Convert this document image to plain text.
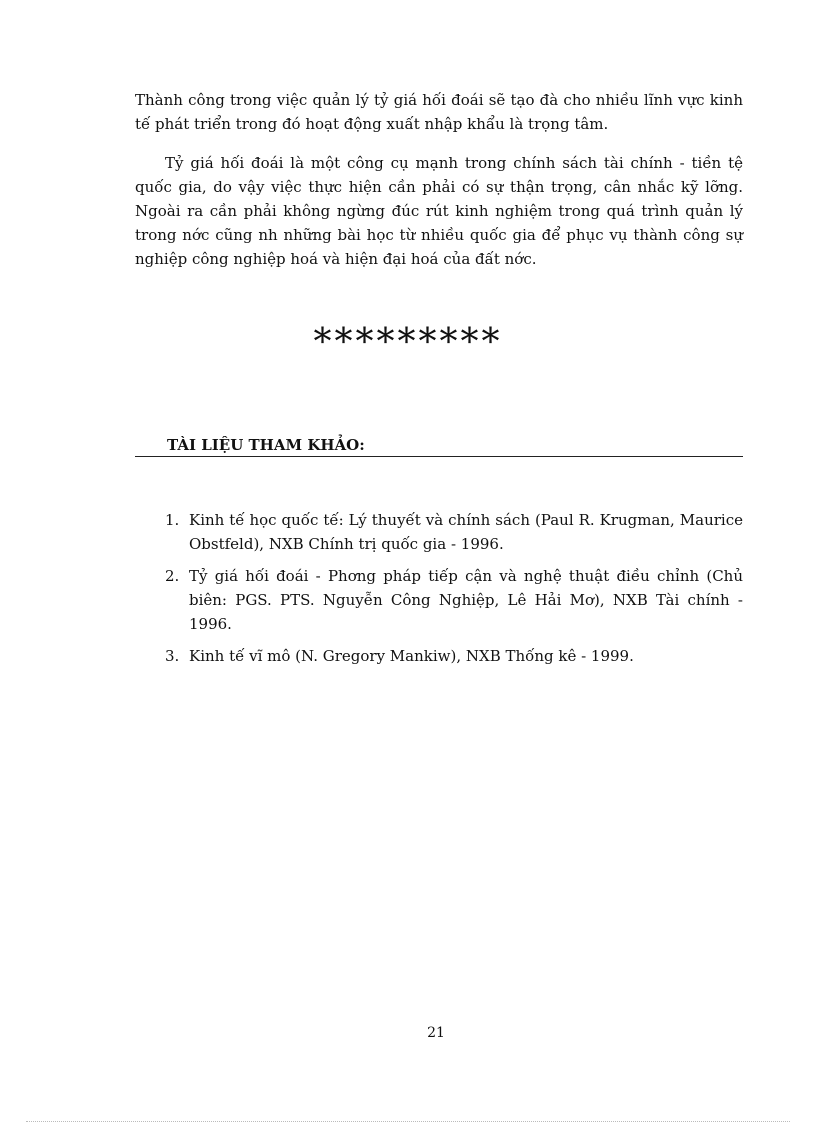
Thành công trong việc quản lý tỷ giá hối đoái sẽ tạo đà cho nhiều lĩnh vực kinh tế phát triển trong đó hoạt động xuất nhập khẩu là trọng tâm.

Tỷ giá hối đoái là một công cụ mạnh trong chính sách tài chính - tiền tệ quốc gia, do vậy việc thực hiện cần phải có sự thận trọng, cân nhắc kỹ lỡng. Ngoài ra cần phải không ngừng đúc rút kinh nghiệm trong quá trình quản lý trong nớc cũng nh những bài học từ nhiều quốc gia để phục vụ thành công sự nghiệp công nghiệp hoá và hiện đại hoá của đất nớc.

*********
TÀI LIỆU THAM KHẢO:
1. Kinh tế học quốc tế: Lý thuyết và chính sách (Paul R. Krugman, Maurice Obstfeld), NXB Chính trị quốc gia - 1996.
2. Tỷ giá hối đoái - Phơng pháp tiếp cận và nghệ thuật điều chỉnh (Chủ biên: PGS. PTS. Nguyễn Công Nghiệp, Lê Hải Mơ), NXB Tài chính - 1996.
3. Kinh tế vĩ mô (N. Gregory Mankiw), NXB Thống kê - 1999.
21
